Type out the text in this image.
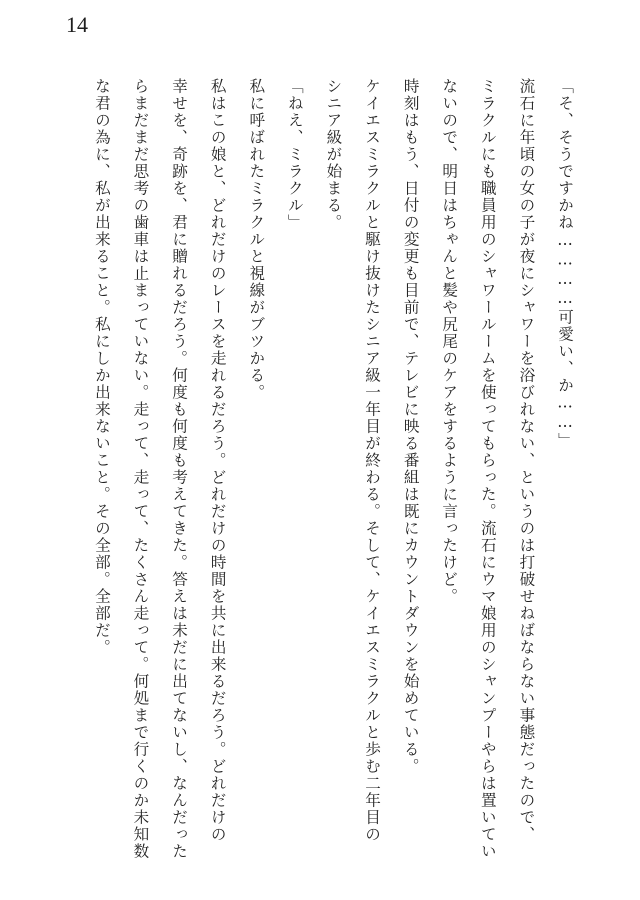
14
「そ、そうですかね…………可愛い、か……」
流石に年頃の女の子が夜にシャワーを浴びれない、というのは打破せねばならない事態だったので、
ミラクルにも職員用のシャワールームを使ってもらった。流石にウマ娘用のシャンプーやらは置いてい
ないので、明日はちゃんと髪や尻尾のケアをするように言ったけど。
時刻はもう、日付の変更も目前で、テレビに映る番組は既にカウントダウンを始めている。
ケイエスミラクルと駆け抜けたシニア級一年目が終わる。そして、ケイエスミラクルと歩む二年目の
シニア級が始まる。
「ねえ、ミラクル」
私に呼ばれたミラクルと視線がブツかる。
私はこの娘と、どれだけのレースを走れるだろう。どれだけの時間を共に出来るだろう。どれだけの
幸せを、奇跡を、君に贈れるだろう。何度も何度も考えてきた。答えは未だに出てないし、なんだった
らまだまだ思考の歯車は止まっていない。走って、走って、たくさん走って。何処まで行くのか未知数
な君の為に、私が出来ること。私にしか出来ないこと。その全部。全部だ。
